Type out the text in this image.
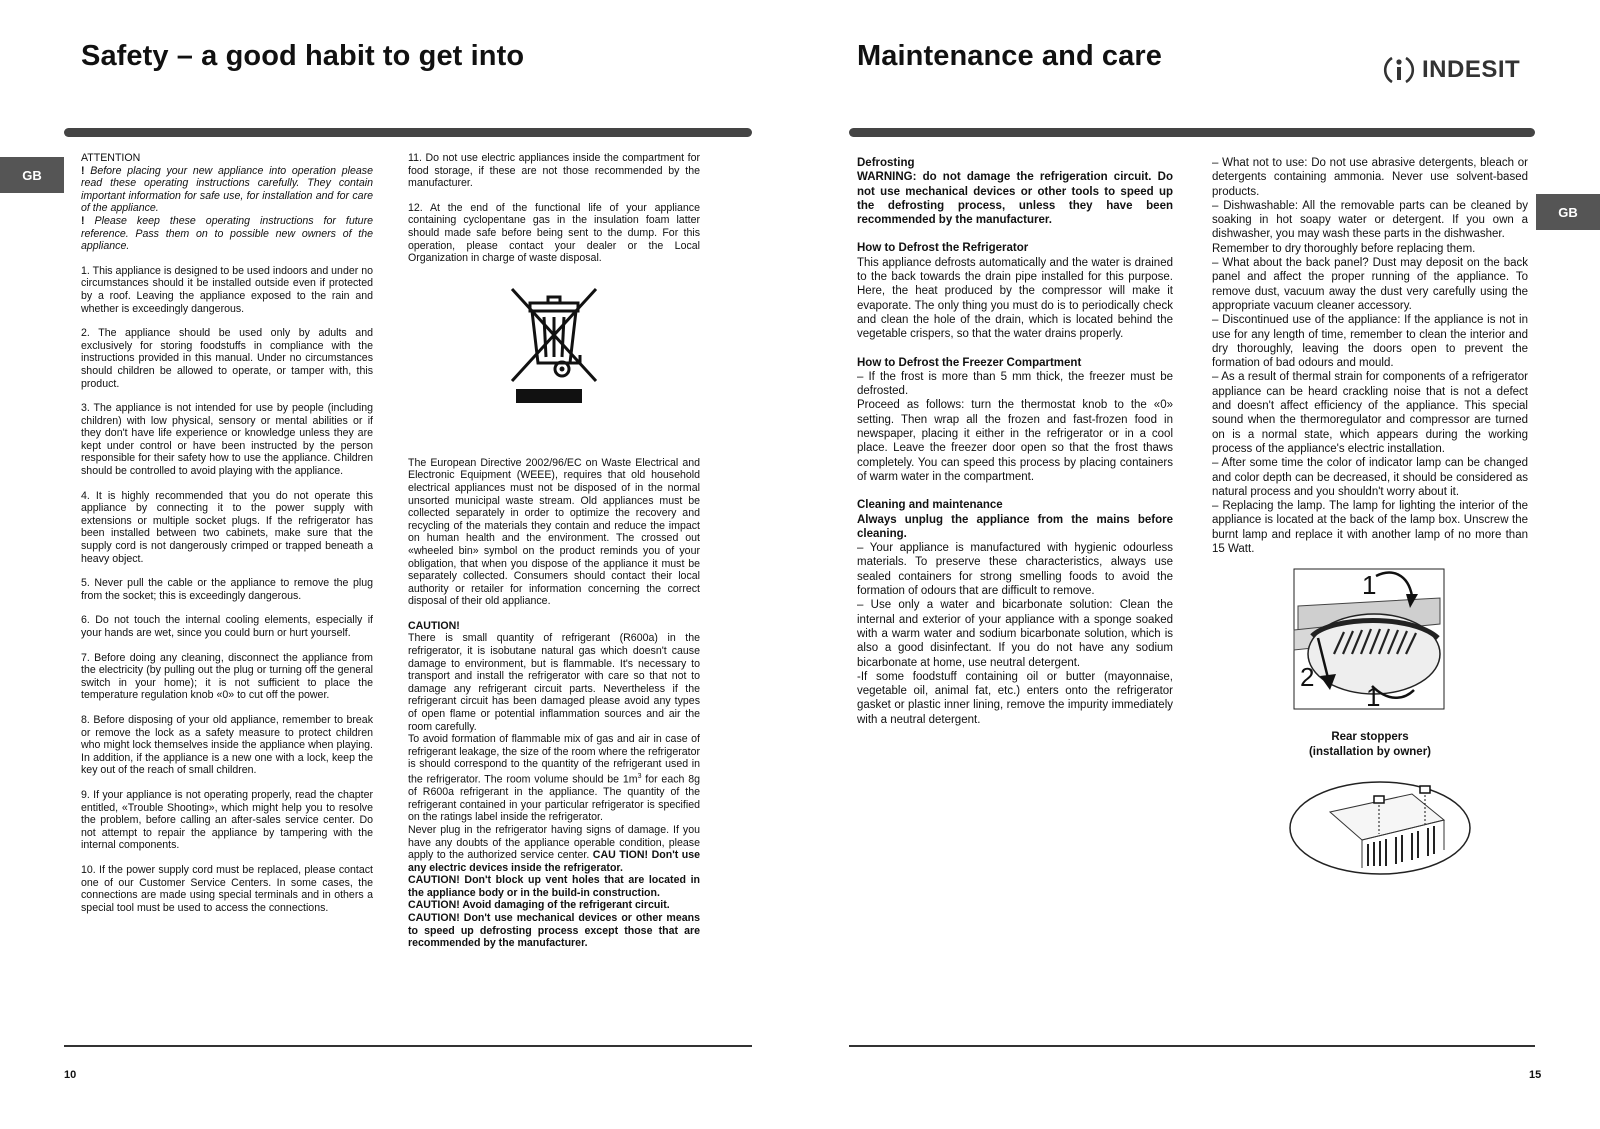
Safety – a good habit to get into
GB
ATTENTION
! Before placing your new appliance into operation please read these operating instructions carefully. They contain important information for safe use, for installation and for care of the appliance.

! Please keep these operating instructions for future reference. Pass them on to possible new owners of the appliance.

1. This appliance is designed to be used indoors and under no circumstances should it be installed outside even if protected by a roof. Leaving the appliance exposed to the rain and whether is exceedingly dangerous.

2. The appliance should be used only by adults and exclusively for storing foodstuffs in compliance with the instructions provided in this manual. Under no circumstances should children be allowed to operate, or tamper with, this product.

3. The appliance is not intended for use by people (including children) with low physical, sensory or mental abilities or if they don't have life experience or knowledge unless they are kept under control or have been instructed by the person responsible for their safety how to use the appliance. Children should be controlled to avoid playing with the appliance.

4. It is highly recommended that you do not operate this appliance by connecting it to the power supply with extensions or multiple socket plugs. If the refrigerator has been installed between two cabinets, make sure that the supply cord is not dangerously crimped or trapped beneath a heavy object.

5. Never pull the cable or the appliance to remove the plug from the socket; this is exceedingly dangerous.

6. Do not touch the internal cooling elements, especially if your hands are wet, since you could burn or hurt yourself.

7. Before doing any cleaning, disconnect the appliance from the electricity (by pulling out the plug or turning off the general switch in your home); it is not sufficient to place the temperature regulation knob «0» to cut off the power.

8. Before disposing of your old appliance, remember to break or remove the lock as a safety measure to protect children who might lock themselves inside the appliance when playing. In addition, if the appliance is a new one with a lock, keep the key out of the reach of small children.

9. If your appliance is not operating properly, read the chapter entitled, «Trouble Shooting», which might help you to resolve the problem, before calling an after-sales service center. Do not attempt to repair the appliance by tampering with the internal components.

10. If the power supply cord must be replaced, please contact one of our Customer Service Centers. In some cases, the connections are made using special terminals and in others a special tool must be used to access the connections.

11. Do not use electric appliances inside the compartment for food storage, if these are not those recommended by the manufacturer.

12. At the end of the functional life of your appliance containing cyclopentane gas in the insulation foam latter should made safe before being sent to the dump. For this operation, please contact your dealer or the Local Organization in charge of waste disposal.

The European Directive 2002/96/EC on Waste Electrical and Electronic Equipment (WEEE), requires that old household electrical appliances must not be disposed of in the normal unsorted municipal waste stream. Old appliances must be collected separately in order to optimize the recovery and recycling of the materials they contain and reduce the impact on human health and the environment. The crossed out «wheeled bin» symbol on the product reminds you of your obligation, that when you dispose of the appliance it must be separately collected. Consumers should contact their local authority or retailer for information concerning the correct disposal of their old appliance.

CAUTION!
There is small quantity of refrigerant (R600a) in the refrigerator, it is isobutane natural gas which doesn't cause damage to environment, but is flammable. It's necessary to transport and install the refrigerator with care so that not to damage any refrigerant circuit parts. Nevertheless if the refrigerant circuit has been damaged please avoid any types of open flame or potential inflammation sources and air the room carefully.
To avoid formation of flammable mix of gas and air in case of refrigerant leakage, the size of the room where the refrigerator is should correspond to the quantity of the refrigerant used in the refrigerator. The room volume should be $1m^3$ for each 8g of R600a refrigerant in the appliance. The quantity of the refrigerant contained in your particular refrigerator is specified on the ratings label inside the refrigerator.
Never plug in the refrigerator having signs of damage. If you have any doubts of the appliance operable condition, please apply to the authorized service center. CAU TION! Don't use any electric devices inside the refrigerator.
CAUTION! Don't block up vent holes that are located in the appliance body or in the build-in construction.
CAUTION! Avoid damaging of the refrigerant circuit.
CAUTION! Don't use mechanical devices or other means to speed up defrosting process except those that are recommended by the manufacturer.
10
Maintenance and care	INDESIT
GB
Defrosting
WARNING: do not damage the refrigeration circuit. Do not use mechanical devices or other tools to speed up the defrosting process, unless they have been recommended by the manufacturer.
How to Defrost the Refrigerator
This appliance defrosts automatically and the water is drained to the back towards the drain pipe installed for this purpose. Here, the heat produced by the compressor will make it evaporate. The only thing you must do is to periodically check and clean the hole of the drain, which is located behind the vegetable crispers, so that the water drains properly.
How to Defrost the Freezer Compartment
– If the frost is more than 5 mm thick, the freezer must be defrosted.
Proceed as follows: turn the thermostat knob to the «0» setting. Then wrap all the frozen and fast-frozen food in newspaper, placing it either in the refrigerator or in a cool place. Leave the freezer door open so that the frost thaws completely. You can speed this process by placing containers of warm water in the compartment.
Cleaning and maintenance
Always unplug the appliance from the mains before cleaning.
– Your appliance is manufactured with hygienic odourless materials. To preserve these characteristics, always use sealed containers for strong smelling foods to avoid the formation of odours that are difficult to remove.
– Use only a water and bicarbonate solution: Clean the internal and exterior of your appliance with a sponge soaked with a warm water and sodium bicarbonate solution, which is also a good disinfectant. If you do not have any sodium bicarbonate at home, use neutral detergent.
-If some foodstuff containing oil or butter (mayonnaise, vegetable oil, animal fat, etc.) enters onto the refrigerator gasket or plastic inner lining, remove the impurity immediately with a neutral detergent.
– What not to use: Do not use abrasive detergents, bleach or detergents containing ammonia. Never use solvent-based products.
– Dishwashable: All the removable parts can be cleaned by soaking in hot soapy water or detergent. If you own a dishwasher, you may wash these parts in the dishwasher.
Remember to dry thoroughly before replacing them.
– What about the back panel? Dust may deposit on the back panel and affect the proper running of the appliance. To remove dust, vacuum away the dust very carefully using the appropriate vacuum cleaner accessory.
– Discontinued use of the appliance: If the appliance is not in use for any length of time, remember to clean the interior and dry thoroughly, leaving the doors open to prevent the formation of bad odours and mould.
– As a result of thermal strain for components of a refrigerator appliance can be heard crackling noise that is not a defect and doesn't affect efficiency of the appliance. This special sound when the thermoregulator and compressor are turned on is a normal state, which appears during the working process of the appliance's electric installation.
– After some time the color of indicator lamp can be changed and color depth can be decreased, it should be considered as natural process and you shouldn't worry about it.
– Replacing the lamp. The lamp for lighting the interior of the appliance is located at the back of the lamp box. Unscrew the burnt lamp and replace it with another lamp of no more than 15 Watt.
1
2
1
Rear stoppers
(installation by owner)
15
